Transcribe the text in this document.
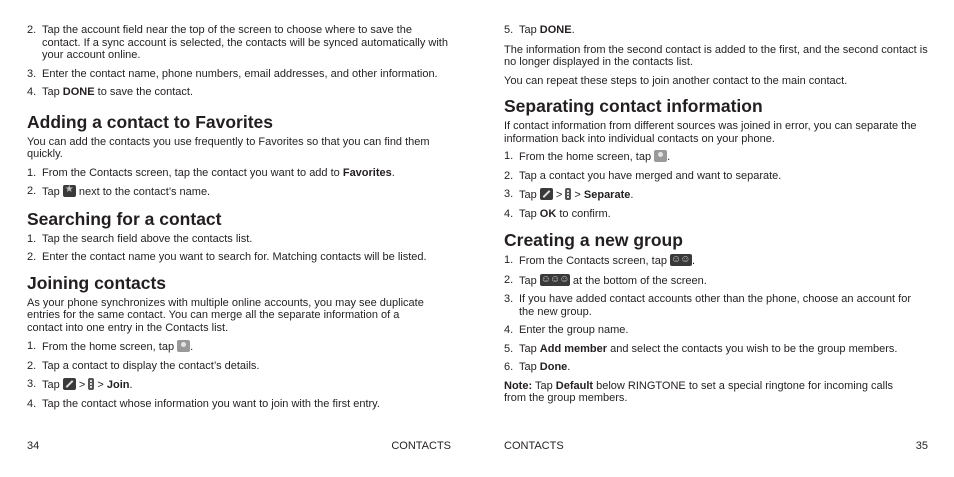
2. Tap the account field near the top of the screen to choose where to save the contact. If a sync account is selected, the contacts will be synced automatically with your account online.
3. Enter the contact name, phone numbers, email addresses, and other information.
4. Tap DONE to save the contact.
Adding a contact to Favorites

You can add the contacts you use frequently to Favorites so that you can find them quickly.

1. From the Contacts screen, tap the contact you want to add to Favorites.
2. Tap ★ next to the contact’s name.
Searching for a contact
1. Tap the search field above the contacts list.
2. Enter the contact name you want to search for. Matching contacts will be listed.
Joining contacts

As your phone synchronizes with multiple online accounts, you may see duplicate entries for the same contact. You can merge all the separate information of a contact into one entry in the Contacts list.

1. From the home screen, tap .
2. Tap a contact to display the contact’s details.
3. Tap  >  > Join.
4. Tap the contact whose information you want to join with the first entry.
34	CONTACTS
5. Tap DONE.

The information from the second contact is added to the first, and the second contact is no longer displayed in the contacts list.

You can repeat these steps to join another contact to the main contact.

Separating contact information

If contact information from different sources was joined in error, you can separate the information back into individual contacts on your phone.

1. From the home screen, tap .
2. Tap a contact you have merged and want to separate.
3. Tap  >  > Separate.
4. Tap OK to confirm.
Creating a new group
1. From the Contacts screen, tap ☺☺.
2. Tap ☺☺☺	at the bottom of the screen.
3. If you have added contact accounts other than the phone, choose an account for the new group.
4. Enter the group name.
5. Tap Add member and select the contacts you wish to be the group members.
6. Tap Done.

Note: Tap Default below RINGTONE to set a special ringtone for incoming calls from the group members.

CONTACTS	35
